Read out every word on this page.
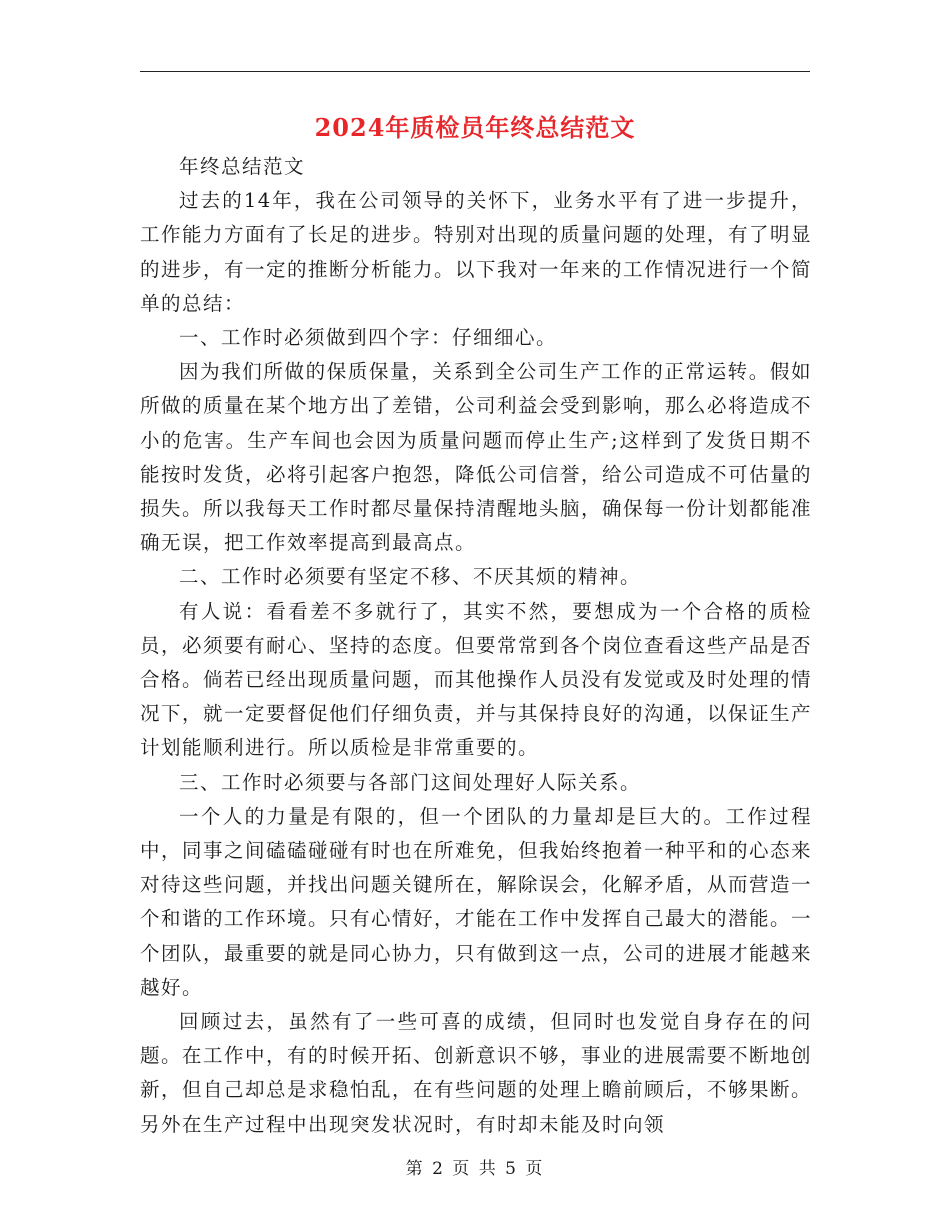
2024年质检员年终总结范文

年终总结范文

过去的14年，我在公司领导的关怀下，业务水平有了进一步提升，工作能力方面有了长足的进步。特别对出现的质量问题的处理，有了明显的进步，有一定的推断分析能力。以下我对一年来的工作情况进行一个简单的总结：

一、工作时必须做到四个字：仔细细心。

因为我们所做的保质保量，关系到全公司生产工作的正常运转。假如所做的质量在某个地方出了差错，公司利益会受到影响，那么必将造成不小的危害。生产车间也会因为质量问题而停止生产;这样到了发货日期不能按时发货，必将引起客户抱怨，降低公司信誉，给公司造成不可估量的损失。所以我每天工作时都尽量保持清醒地头脑，确保每一份计划都能准确无误，把工作效率提高到最高点。

二、工作时必须要有坚定不移、不厌其烦的精神。

有人说：看看差不多就行了，其实不然，要想成为一个合格的质检员，必须要有耐心、坚持的态度。但要常常到各个岗位查看这些产品是否合格。倘若已经出现质量问题，而其他操作人员没有发觉或及时处理的情况下，就一定要督促他们仔细负责，并与其保持良好的沟通，以保证生产计划能顺利进行。所以质检是非常重要的。

三、工作时必须要与各部门这间处理好人际关系。

一个人的力量是有限的，但一个团队的力量却是巨大的。工作过程中，同事之间磕磕碰碰有时也在所难免，但我始终抱着一种平和的心态来对待这些问题，并找出问题关键所在，解除误会，化解矛盾，从而营造一个和谐的工作环境。只有心情好，才能在工作中发挥自己最大的潜能。一个团队，最重要的就是同心协力，只有做到这一点，公司的进展才能越来越好。

回顾过去，虽然有了一些可喜的成绩，但同时也发觉自身存在的问题。在工作中，有的时候开拓、创新意识不够，事业的进展需要不断地创新，但自己却总是求稳怕乱，在有些问题的处理上瞻前顾后，不够果断。另外在生产过程中出现突发状况时，有时却未能及时向领

第 2 页 共 5 页
